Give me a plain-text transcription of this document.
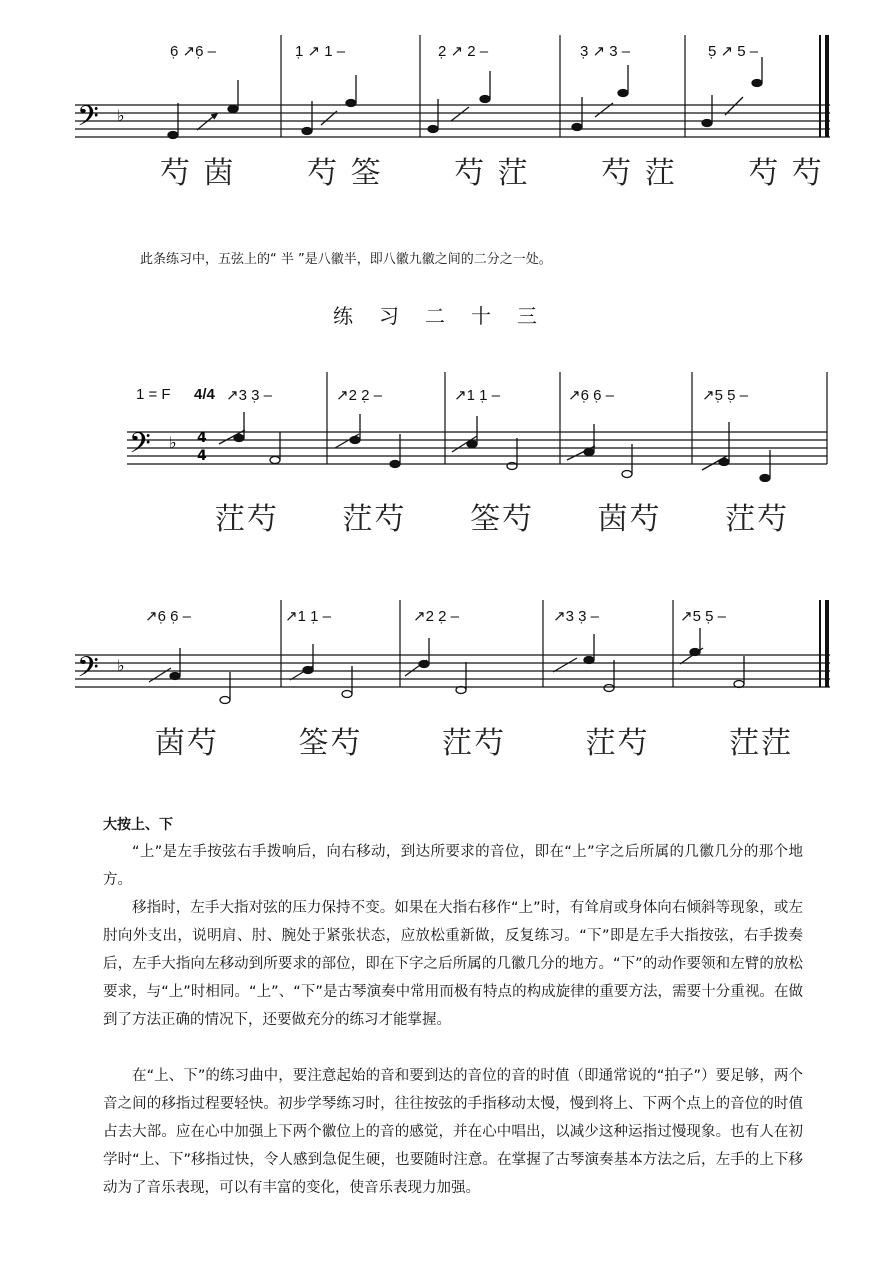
6̣ ↗6̣ –	1̣ ↗ 1 –	2̣ ↗ 2 –	3̣ ↗ 3 –	5̣ ↗ 5 –
𝄢 ♭
芍 茵 芍 筌 芍 茳 芍 茳 芍 芍
此条练习中，五弦上的“ 半 ”是八徽半，即八徽九徽之间的二分之一处。
练习二十三
1 = F 4/4 ↗3 3̣ –	↗2 2̣ –	↗1 1̣ –	↗6̣ 6̣ –	↗5̣ 5̣ –
𝄢 ♭ 4
4
茳芍 茳芍 筌芍 茵芍 茳芍
↗6̣ 6̣ –	↗1 1̣ –	↗2 2̣ –	↗3 3̣ –	↗5 5̣ –
𝄢 ♭
茵芍	筌芍	茳芍	茳芍	茳茳
大按上、下
“上”是左手按弦右手拨响后，向右移动，到达所要求的音位，即在“上”字之后所属的几徽几分的那个地方。
移指时，左手大指对弦的压力保持不变。如果在大指右移作“上”时，有耸肩或身体向右倾斜等现象，或左肘向外支出，说明肩、肘、腕处于紧张状态，应放松重新做，反复练习。“下”即是左手大指按弦，右手拨奏后，左手大指向左移动到所要求的部位，即在下字之后所属的几徽几分的地方。“下”的动作要领和左臂的放松要求，与“上”时相同。“上”、“下”是古琴演奏中常用而极有特点的构成旋律的重要方法，需要十分重视。在做到了方法正确的情况下，还要做充分的练习才能掌握。
在“上、下”的练习曲中，要注意起始的音和要到达的音位的音的时值（即通常说的“拍子”）要足够，两个音之间的移指过程要轻快。初步学琴练习时，往往按弦的手指移动太慢，慢到将上、下两个点上的音位的时值占去大部。应在心中加强上下两个徽位上的音的感觉，并在心中唱出，以减少这种运指过慢现象。也有人在初学时“上、下”移指过快，令人感到急促生硬，也要随时注意。在掌握了古琴演奏基本方法之后，左手的上下移动为了音乐表现，可以有丰富的变化，使音乐表现力加强。
